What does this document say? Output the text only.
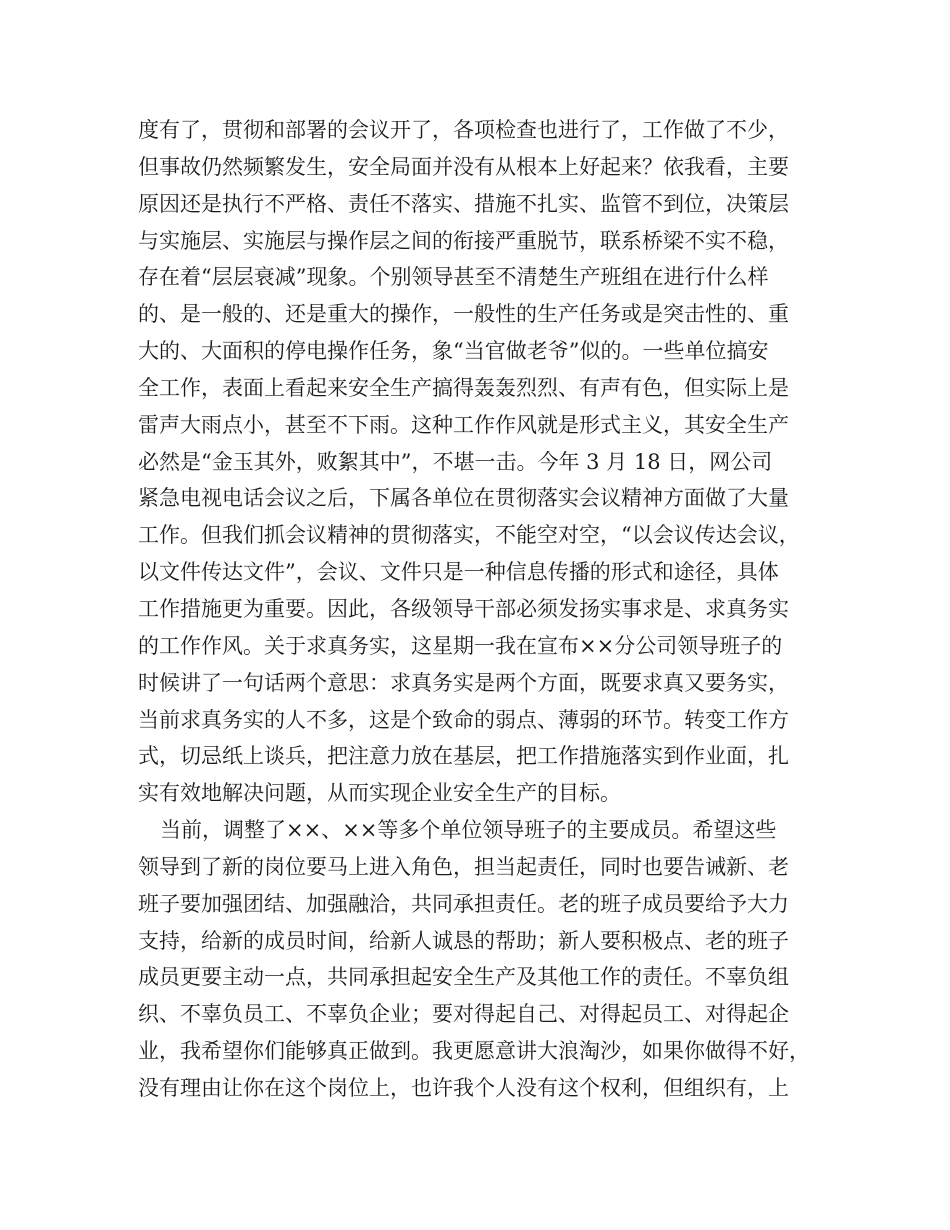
度有了，贯彻和部署的会议开了，各项检查也进行了，工作做了不少，
但事故仍然频繁发生，安全局面并没有从根本上好起来？依我看，主要
原因还是执行不严格、责任不落实、措施不扎实、监管不到位，决策层
与实施层、实施层与操作层之间的衔接严重脱节，联系桥梁不实不稳，
存在着“层层衰减”现象。个别领导甚至不清楚生产班组在进行什么样
的、是一般的、还是重大的操作，一般性的生产任务或是突击性的、重
大的、大面积的停电操作任务，象“当官做老爷”似的。一些单位搞安
全工作，表面上看起来安全生产搞得轰轰烈烈、有声有色，但实际上是
雷声大雨点小，甚至不下雨。这种工作作风就是形式主义，其安全生产
必然是“金玉其外，败絮其中”，不堪一击。今年 3 月 18 日，网公司
紧急电视电话会议之后，下属各单位在贯彻落实会议精神方面做了大量
工作。但我们抓会议精神的贯彻落实，不能空对空，“以会议传达会议，
以文件传达文件”，会议、文件只是一种信息传播的形式和途径，具体
工作措施更为重要。因此，各级领导干部必须发扬实事求是、求真务实
的工作作风。关于求真务实，这星期一我在宣布××分公司领导班子的
时候讲了一句话两个意思：求真务实是两个方面，既要求真又要务实，
当前求真务实的人不多，这是个致命的弱点、薄弱的环节。转变工作方
式，切忌纸上谈兵，把注意力放在基层，把工作措施落实到作业面，扎
实有效地解决问题，从而实现企业安全生产的目标。
当前，调整了××、××等多个单位领导班子的主要成员。希望这些
领导到了新的岗位要马上进入角色，担当起责任，同时也要告诫新、老
班子要加强团结、加强融洽，共同承担责任。老的班子成员要给予大力
支持，给新的成员时间，给新人诚恳的帮助；新人要积极点、老的班子
成员更要主动一点，共同承担起安全生产及其他工作的责任。不辜负组
织、不辜负员工、不辜负企业；要对得起自己、对得起员工、对得起企
业，我希望你们能够真正做到。我更愿意讲大浪淘沙，如果你做得不好，
没有理由让你在这个岗位上，也许我个人没有这个权利，但组织有，上
